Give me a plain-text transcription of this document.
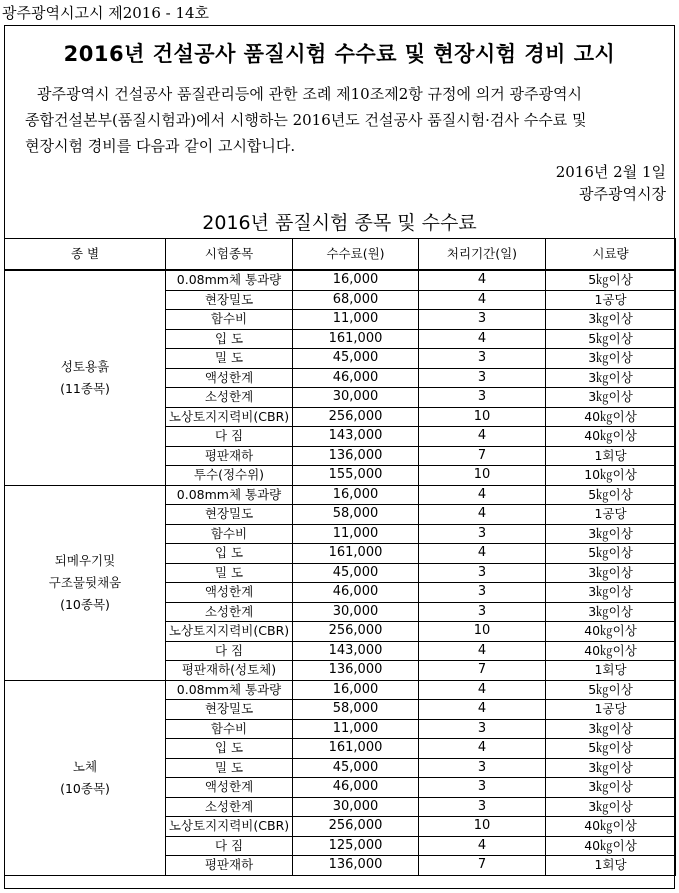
광주광역시고시 제2016 - 14호
2016년 건설공사 품질시험 수수료 및 현장시험 경비 고시
광주광역시 건설공사 품질관리등에 관한 조례 제10조제2항 규정에 의거 광주광역시
종합건설본부(품질시험과)에서 시행하는 2016년도 건설공사 품질시험·검사 수수료 및
현장시험 경비를 다음과 같이 고시합니다.
2016년 2월 1일
광주광역시장
2016년 품질시험 종목 및 수수료
종 별	시험종목	수수료(원)	처리기간(일)	시료량

성토용흙
(11종목)	0.08mm체 통과량	16,000	4	5㎏이상
	현장밀도	68,000	4	1공당
	함수비	11,000	3	3㎏이상
	입 도	161,000	4	5㎏이상
	밀 도	45,000	3	3㎏이상
	액성한계	46,000	3	3㎏이상
	소성한계	30,000	3	3㎏이상
	노상토지지력비(CBR)	256,000	10	40㎏이상
	다 짐	143,000	4	40㎏이상
	평판재하	136,000	7	1회당
	투수(정수위)	155,000	10	10㎏이상

되메우기및
구조물뒷채움
(10종목)	0.08mm체 통과량	16,000	4	5㎏이상
	현장밀도	58,000	4	1공당
	함수비	11,000	3	3㎏이상
	입 도	161,000	4	5㎏이상
	밀 도	45,000	3	3㎏이상
	액성한계	46,000	3	3㎏이상
	소성한계	30,000	3	3㎏이상
	노상토지지력비(CBR)	256,000	10	40㎏이상
	다 짐	143,000	4	40㎏이상
	평판재하(성토체)	136,000	7	1회당

노체
(10종목)	0.08mm체 통과량	16,000	4	5㎏이상
	현장밀도	58,000	4	1공당
	함수비	11,000	3	3㎏이상
	입 도	161,000	4	5㎏이상
	밀 도	45,000	3	3㎏이상
	액성한계	46,000	3	3㎏이상
	소성한계	30,000	3	3㎏이상
	노상토지지력비(CBR)	256,000	10	40㎏이상
	다 짐	125,000	4	40㎏이상
	평판재하	136,000	7	1회당
